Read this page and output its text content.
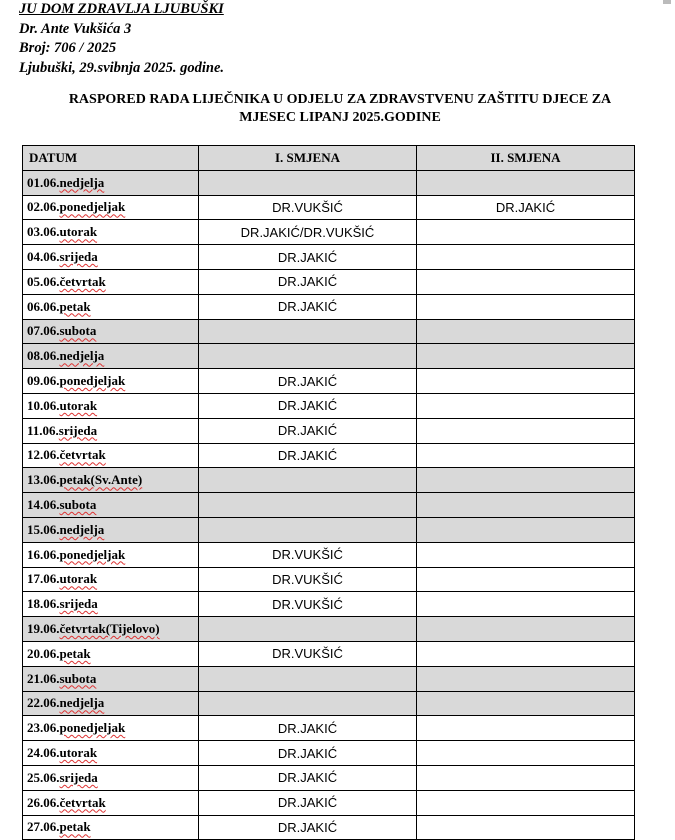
JU DOM ZDRAVLJA LJUBUŠKI
Dr. Ante Vukšića 3
Broj: 706 / 2025
Ljubuški, 29.svibnja 2025. godine.
RASPORED RADA LIJEČNIKA U ODJELU ZA ZDRAVSTVENU ZAŠTITU DJECE ZA
MJESEC LIPANJ 2025.GODINE
DATUM	I. SMJENA	II. SMJENA
01.06.nedjelja		
02.06.ponedjeljak	DR.VUKŠIĆ	DR.JAKIĆ
03.06.utorak	DR.JAKIĆ/DR.VUKŠIĆ	
04.06.srijeda	DR.JAKIĆ	
05.06.četvrtak	DR.JAKIĆ	
06.06.petak	DR.JAKIĆ	
07.06.subota		
08.06.nedjelja		
09.06.ponedjeljak	DR.JAKIĆ	
10.06.utorak	DR.JAKIĆ	
11.06.srijeda	DR.JAKIĆ	
12.06.četvrtak	DR.JAKIĆ	
13.06.petak(Sv.Ante)		
14.06.subota		
15.06.nedjelja		
16.06.ponedjeljak	DR.VUKŠIĆ	
17.06.utorak	DR.VUKŠIĆ	
18.06.srijeda	DR.VUKŠIĆ	
19.06.četvrtak(Tijelovo)		
20.06.petak	DR.VUKŠIĆ	
21.06.subota		
22.06.nedjelja		
23.06.ponedjeljak	DR.JAKIĆ	
24.06.utorak	DR.JAKIĆ	
25.06.srijeda	DR.JAKIĆ	
26.06.četvrtak	DR.JAKIĆ	
27.06.petak	DR.JAKIĆ	
